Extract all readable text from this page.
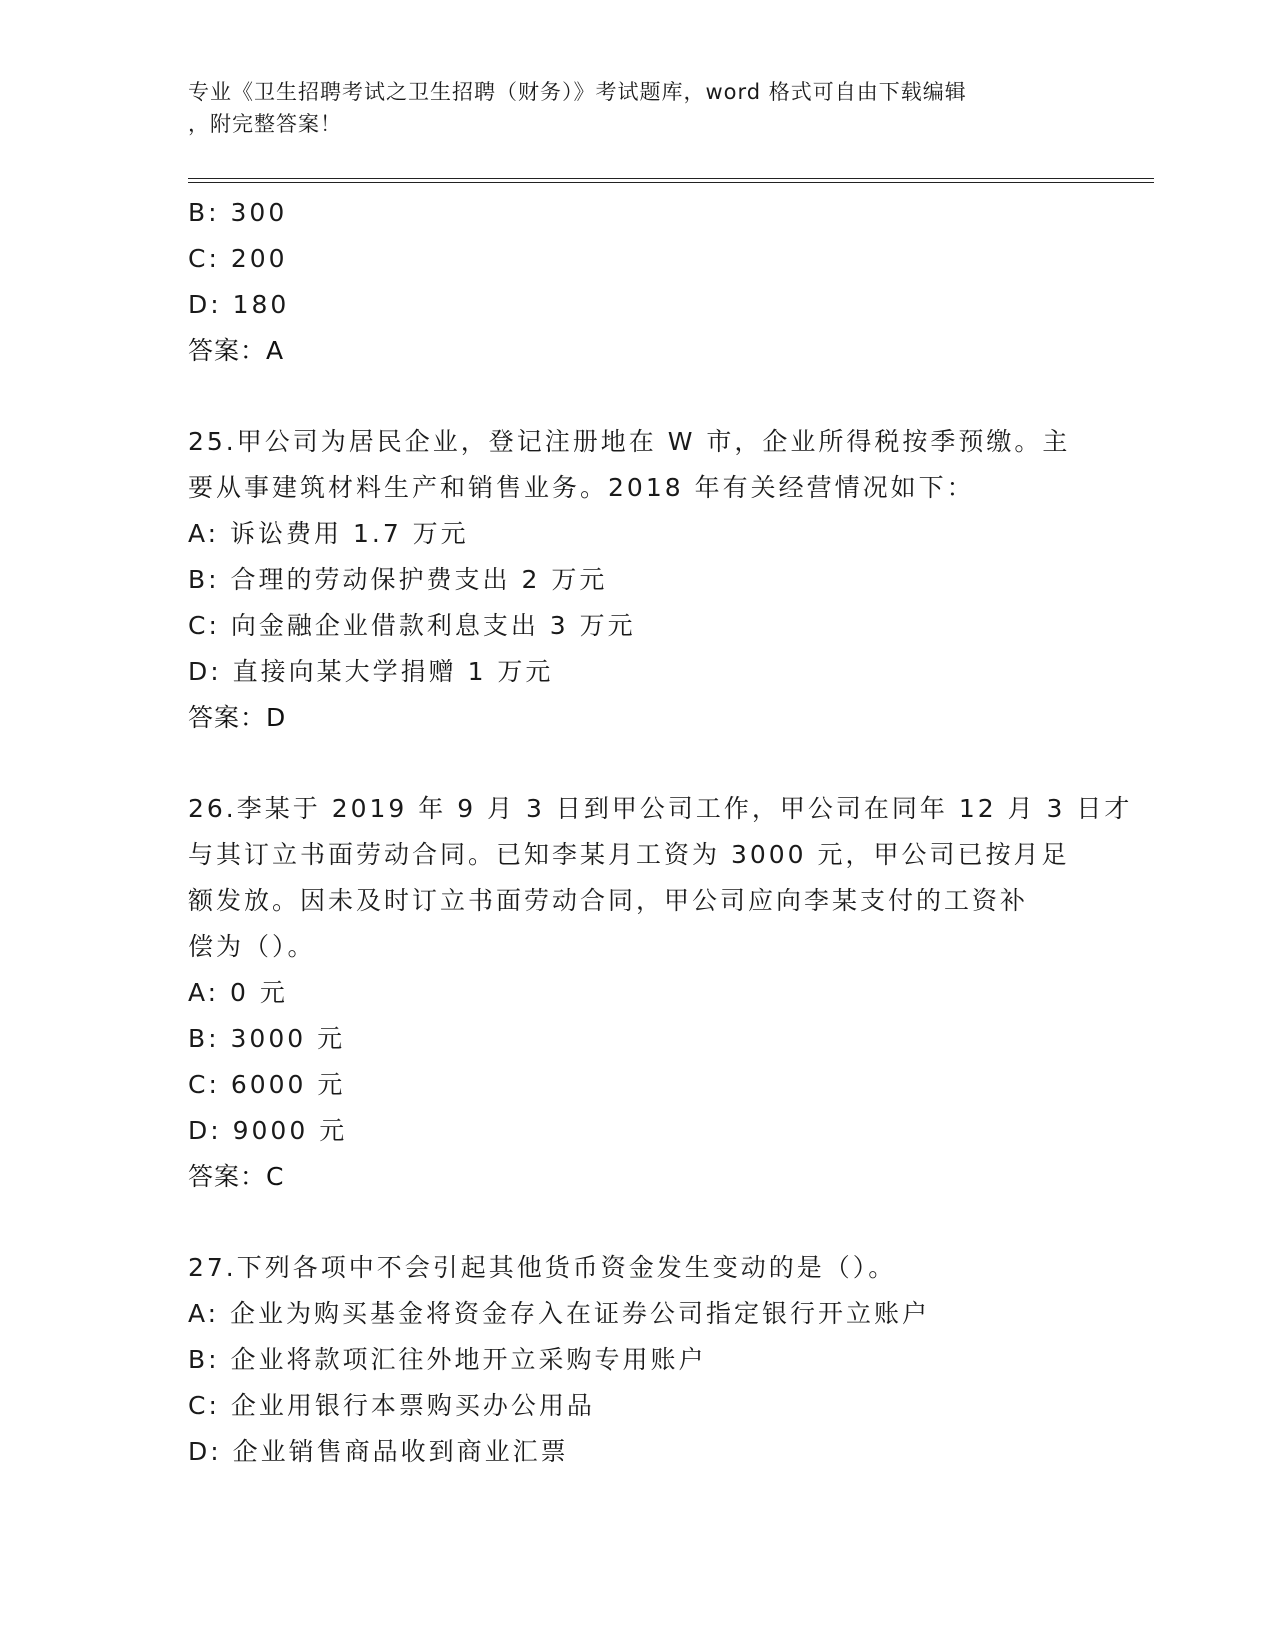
专业《卫生招聘考试之卫生招聘（财务）》考试题库，word 格式可自由下载编辑
，附完整答案！
B: 300
C: 200
D: 180
答案：A
25.甲公司为居民企业，登记注册地在 W 市，企业所得税按季预缴。主
要从事建筑材料生产和销售业务。2018 年有关经营情况如下：
A: 诉讼费用 1.7 万元
B: 合理的劳动保护费支出 2 万元
C: 向金融企业借款利息支出 3 万元
D: 直接向某大学捐赠 1 万元
答案：D
26.李某于 2019 年 9 月 3 日到甲公司工作，甲公司在同年 12 月 3 日才
与其订立书面劳动合同。已知李某月工资为 3000 元，甲公司已按月足
额发放。因未及时订立书面劳动合同，甲公司应向李某支付的工资补
偿为（）。
A: 0 元
B: 3000 元
C: 6000 元
D: 9000 元
答案：C
27.下列各项中不会引起其他货币资金发生变动的是（）。
A: 企业为购买基金将资金存入在证券公司指定银行开立账户
B: 企业将款项汇往外地开立采购专用账户
C: 企业用银行本票购买办公用品
D: 企业销售商品收到商业汇票
